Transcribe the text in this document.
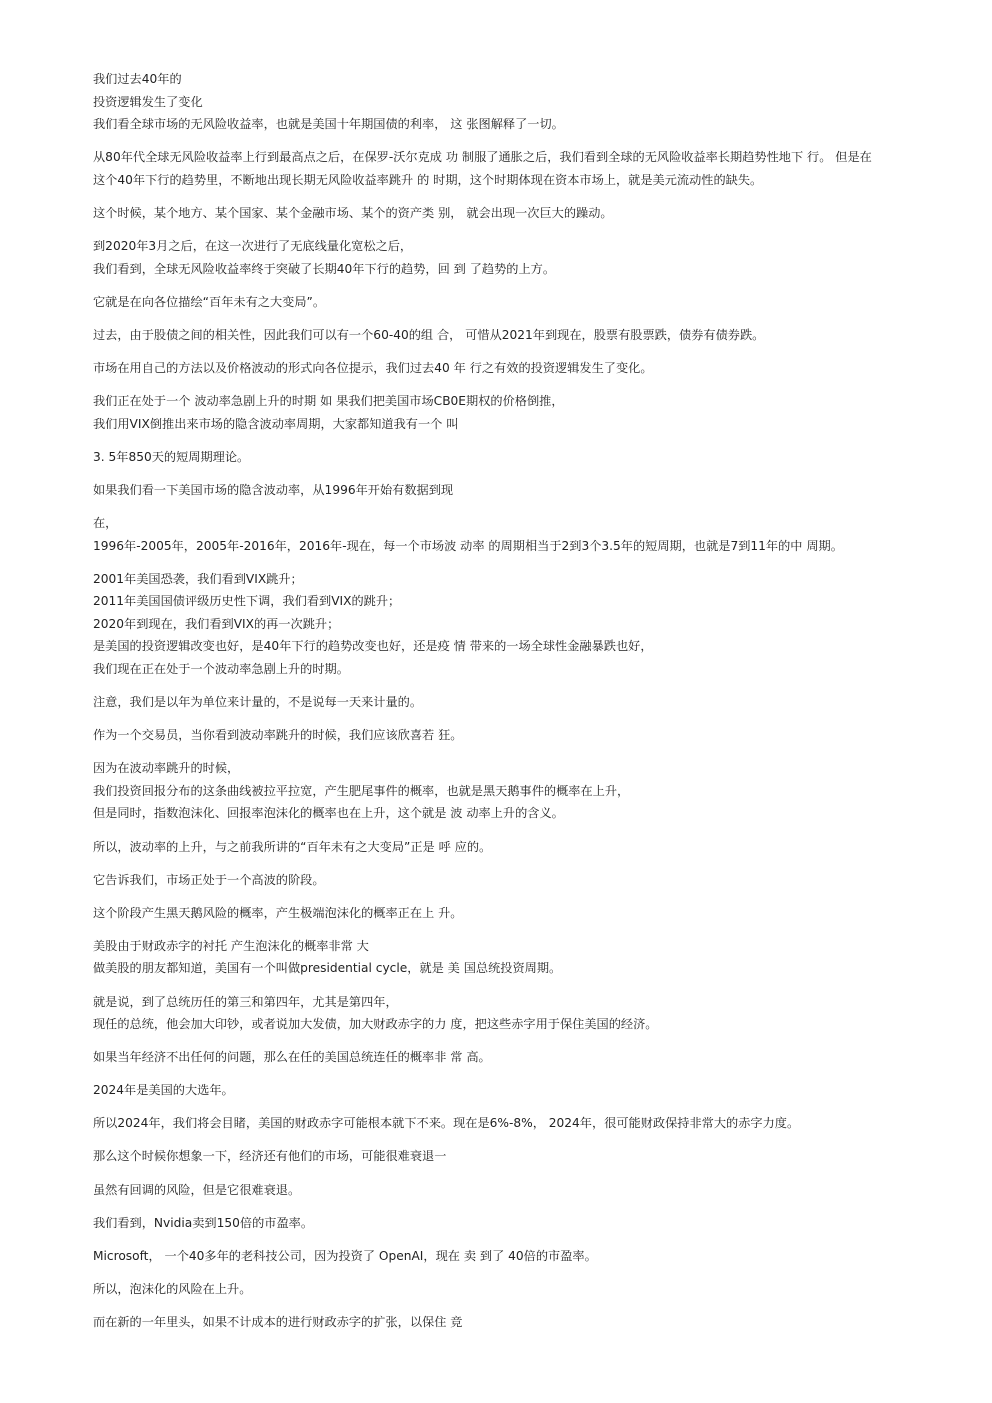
我们过去40年的
投资逻辑发生了变化
我们看全球市场的无风险收益率，也就是美国十年期国债的利率， 这 张图解释了一切。
从80年代全球无风险收益率上行到最高点之后，在保罗-沃尔克成 功 制服了通胀之后，我们看到全球的无风险收益率长期趋势性地下 行。 但是在
这个40年下行的趋势里，不断地出现长期无风险收益率跳升 的 时期，这个时期体现在资本市场上，就是美元流动性的缺失。
这个时候，某个地方、某个国家、某个金融市场、某个的资产类 别， 就会出现一次巨大的躁动。
到2020年3月之后，在这一次进行了无底线量化宽松之后，
我们看到，全球无风险收益率终于突破了长期40年下行的趋势，回 到 了趋势的上方。
它就是在向各位描绘“百年未有之大变局”。
过去，由于股债之间的相关性，因此我们可以有一个60-40的组 合， 可惜从2021年到现在，股票有股票跌，债券有债券跌。
市场在用自己的方法以及价格波动的形式向各位提示，我们过去40 年 行之有效的投资逻辑发生了变化。
我们正在处于一个 波动率急剧上升的时期 如 果我们把美国市场CB0E期权的价格倒推，
我们用VIX倒推出来市场的隐含波动率周期，大家都知道我有一个 叫
3. 5年850天的短周期理论。
如果我们看一下美国市场的隐含波动率，从1996年开始有数据到现
在，
1996年-2005年，2005年-2016年，2016年-现在，每一个市场波 动率 的周期相当于2到3个3.5年的短周期，也就是7到11年的中 周期。
2001年美国恐袭，我们看到VIX跳升；
2011年美国国债评级历史性下调，我们看到VIX的跳升；
2020年到现在，我们看到VIX的再一次跳升；
是美国的投资逻辑改变也好，是40年下行的趋势改变也好，还是疫 情 带来的一场全球性金融暴跌也好，
我们现在正在处于一个波动率急剧上升的时期。
注意，我们是以年为单位来计量的，不是说每一天来计量的。
作为一个交易员，当你看到波动率跳升的时候，我们应该欣喜若 狂。
因为在波动率跳升的时候，
我们投资回报分布的这条曲线被拉平拉宽，产生肥尾事件的概率，也就是黑天鹅事件的概率在上升，
但是同时，指数泡沫化、回报率泡沫化的概率也在上升，这个就是 波 动率上升的含义。
所以，波动率的上升，与之前我所讲的“百年未有之大变局”正是 呼 应的。
它告诉我们，市场正处于一个高波的阶段。
这个阶段产生黑天鹅风险的概率，产生极端泡沫化的概率正在上 升。
美股由于财政赤字的衬托 产生泡沫化的概率非常 大
做美股的朋友都知道，美国有一个叫做presidential cycle，就是 美 国总统投资周期。
就是说，到了总统历任的第三和第四年，尤其是第四年，
现任的总统，他会加大印钞，或者说加大发债，加大财政赤字的力 度，把这些赤字用于保住美国的经济。
如果当年经济不出任何的问题，那么在任的美国总统连任的概率非 常 高。
2024年是美国的大选年。
所以2024年，我们将会目睹，美国的财政赤字可能根本就下不来。现在是6%-8%， 2024年，很可能财政保持非常大的赤字力度。
那么这个时候你想象一下，经济还有他们的市场，可能很难衰退一
虽然有回调的风险，但是它很难衰退。
我们看到，Nvidia卖到150倍的市盈率。
Microsoft， 一个40多年的老科技公司，因为投资了 OpenAI，现在 卖 到了 40倍的市盈率。
所以，泡沫化的风险在上升。
而在新的一年里头，如果不计成本的进行财政赤字的扩张，以保住 竞
